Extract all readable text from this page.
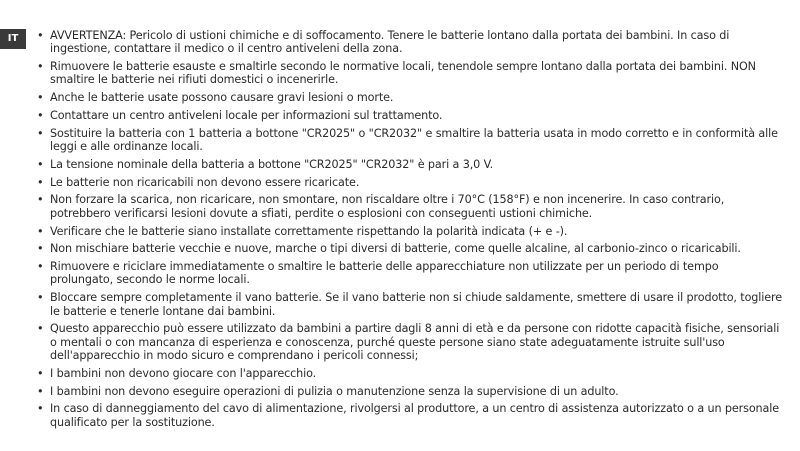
IT	• AVVERTENZA: Pericolo di ustioni chimiche e di soffocamento. Tenere le batterie lontano dalla portata dei bambini. In caso di ingestione, contattare il medico o il centro antiveleni della zona.
• Rimuovere le batterie esauste e smaltirle secondo le normative locali, tenendole sempre lontano dalla portata dei bambini. NON smaltire le batterie nei rifiuti domestici o incenerirle.
• Anche le batterie usate possono causare gravi lesioni o morte.
• Contattare un centro antiveleni locale per informazioni sul trattamento.
• Sostituire la batteria con 1 batteria a bottone "CR2025" o "CR2032" e smaltire la batteria usata in modo corretto e in conformità alle leggi e alle ordinanze locali.
• La tensione nominale della batteria a bottone "CR2025" "CR2032" è pari a 3,0 V.
• Le batterie non ricaricabili non devono essere ricaricate.
• Non forzare la scarica, non ricaricare, non smontare, non riscaldare oltre i 70°C (158°F) e non incenerire. In caso contrario, potrebbero verificarsi lesioni dovute a sfiati, perdite o esplosioni con conseguenti ustioni chimiche.
• Verificare che le batterie siano installate correttamente rispettando la polarità indicata (+ e -).
• Non mischiare batterie vecchie e nuove, marche o tipi diversi di batterie, come quelle alcaline, al carbonio-zinco o ricaricabili.
• Rimuovere e riciclare immediatamente o smaltire le batterie delle apparecchiature non utilizzate per un periodo di tempo prolungato, secondo le norme locali.
• Bloccare sempre completamente il vano batterie. Se il vano batterie non si chiude saldamente, smettere di usare il prodotto, togliere le batterie e tenerle lontane dai bambini.
• Questo apparecchio può essere utilizzato da bambini a partire dagli 8 anni di età e da persone con ridotte capacità fisiche, sensoriali o mentali o con mancanza di esperienza e conoscenza, purché queste persone siano state adeguatamente istruite sull'uso dell'apparecchio in modo sicuro e comprendano i pericoli connessi;
• I bambini non devono giocare con l'apparecchio.
• I bambini non devono eseguire operazioni di pulizia o manutenzione senza la supervisione di un adulto.
• In caso di danneggiamento del cavo di alimentazione, rivolgersi al produttore, a un centro di assistenza autorizzato o a un personale qualificato per la sostituzione.
